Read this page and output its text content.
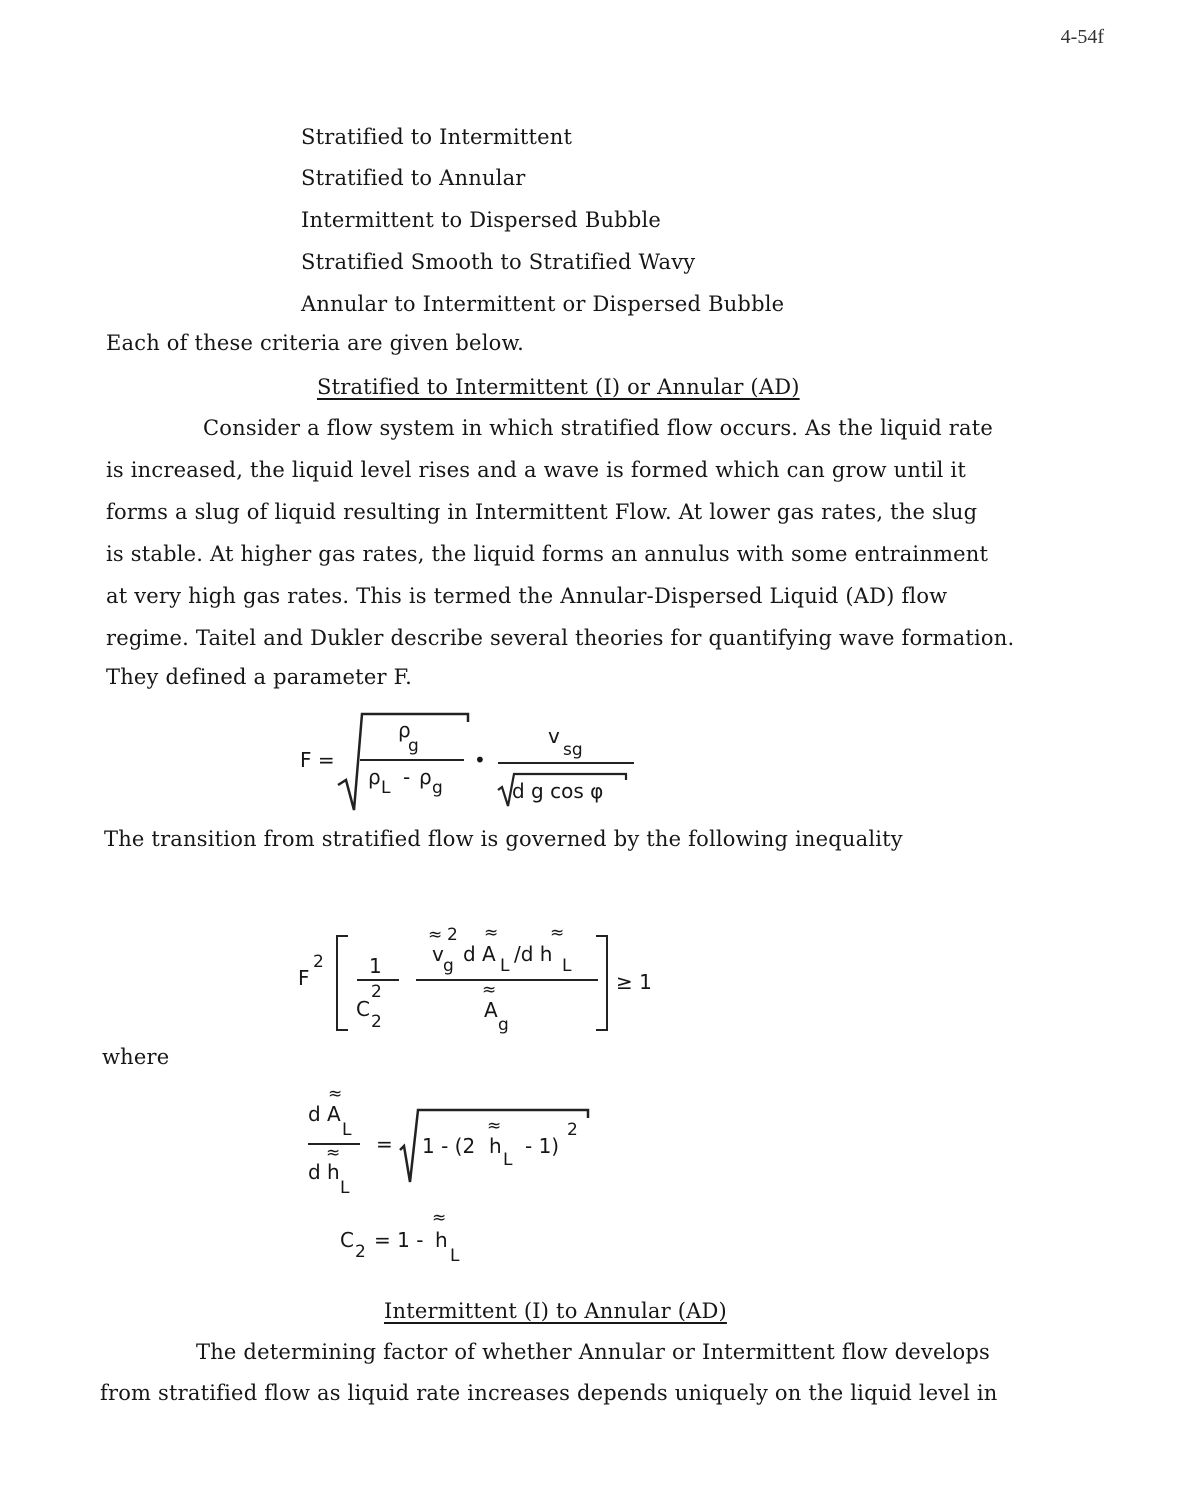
4-54f
Stratified to Intermittent
Stratified to Annular
Intermittent to Dispersed Bubble
Stratified Smooth to Stratified Wavy
Annular to Intermittent or Dispersed Bubble
Each of these criteria are given below.
Stratified to Intermittent (I) or Annular (AD)
Consider a flow system in which stratified flow occurs. As the liquid rate
is increased, the liquid level rises and a wave is formed which can grow until it
forms a slug of liquid resulting in Intermittent Flow. At lower gas rates, the slug
is stable. At higher gas rates, the liquid forms an annulus with some entrainment
at very high gas rates. This is termed the Annular-Dispersed Liquid (AD) flow
regime. Taitel and Dukler describe several theories for quantifying wave formation.
They defined a parameter F.
F =
ρ
g
ρ L - ρ g
•
v
sg
d g cos φ
The transition from stratified flow is governed by the following inequality
F
2 1
C
2
2
≈ 2 ≈	≈
v g d A L /d h L
≈
A
g
≥ 1
where
≈
d A
L
≈
d h
L
= 1 - (2
≈
h
L
- 1)
2
C 2 = 1 -
≈
h
L
Intermittent (I) to Annular (AD)
The determining factor of whether Annular or Intermittent flow develops
from stratified flow as liquid rate increases depends uniquely on the liquid level in
